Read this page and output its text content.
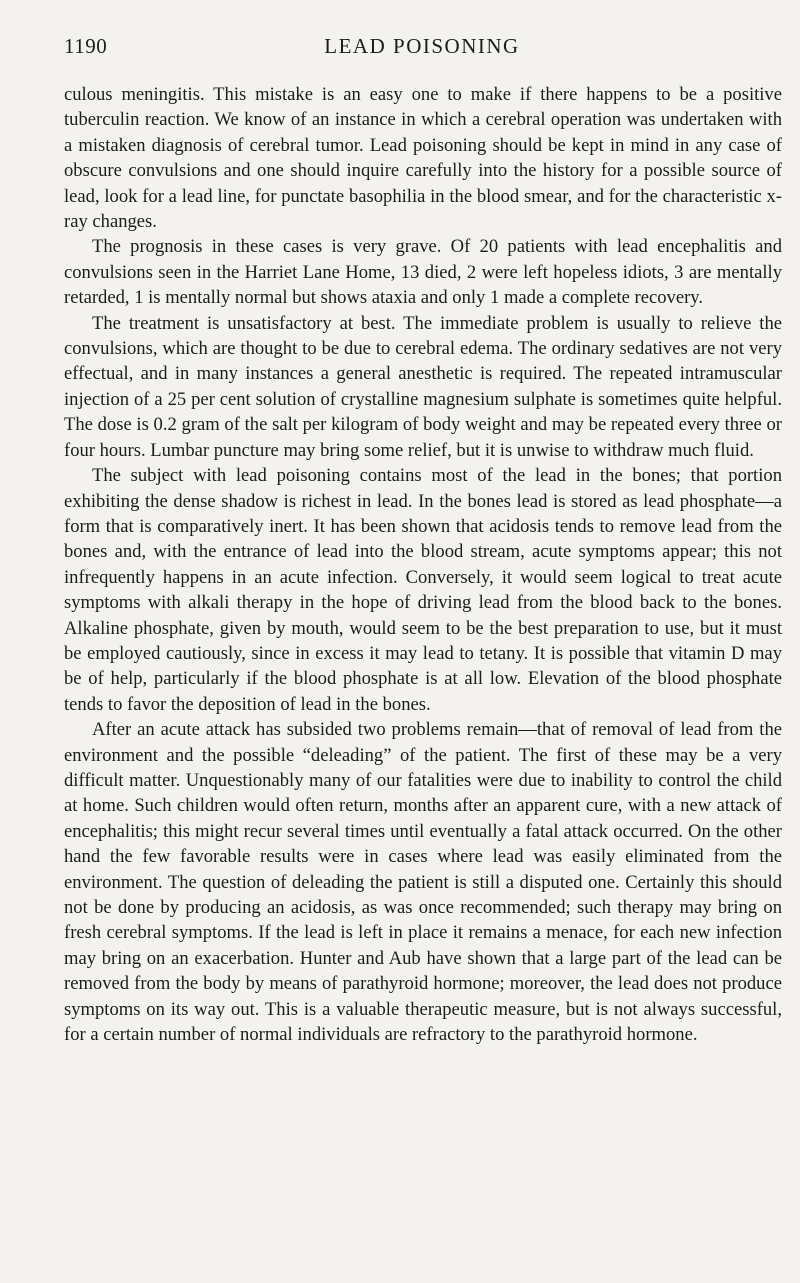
1190	LEAD POISONING

culous meningitis. This mistake is an easy one to make if there happens to be a positive tuberculin reaction. We know of an instance in which a cerebral operation was undertaken with a mistaken diagnosis of cerebral tumor. Lead poisoning should be kept in mind in any case of obscure convulsions and one should inquire carefully into the history for a possible source of lead, look for a lead line, for punctate basophilia in the blood smear, and for the characteristic x-ray changes.

The prognosis in these cases is very grave. Of 20 patients with lead encephalitis and convulsions seen in the Harriet Lane Home, 13 died, 2 were left hopeless idiots, 3 are mentally retarded, 1 is mentally normal but shows ataxia and only 1 made a complete recovery.

The treatment is unsatisfactory at best. The immediate problem is usually to relieve the convulsions, which are thought to be due to cerebral edema. The ordinary sedatives are not very effectual, and in many instances a general anesthetic is required. The repeated intramuscular injection of a 25 per cent solution of crystalline magnesium sulphate is sometimes quite helpful. The dose is 0.2 gram of the salt per kilogram of body weight and may be repeated every three or four hours. Lumbar puncture may bring some relief, but it is unwise to withdraw much fluid.

The subject with lead poisoning contains most of the lead in the bones; that portion exhibiting the dense shadow is richest in lead. In the bones lead is stored as lead phosphate—a form that is comparatively inert. It has been shown that acidosis tends to remove lead from the bones and, with the entrance of lead into the blood stream, acute symptoms appear; this not infrequently happens in an acute infection. Conversely, it would seem logical to treat acute symptoms with alkali therapy in the hope of driving lead from the blood back to the bones. Alkaline phosphate, given by mouth, would seem to be the best preparation to use, but it must be employed cautiously, since in excess it may lead to tetany. It is possible that vitamin D may be of help, particularly if the blood phosphate is at all low. Elevation of the blood phosphate tends to favor the deposition of lead in the bones.

After an acute attack has subsided two problems remain—that of removal of lead from the environment and the possible “deleading” of the patient. The first of these may be a very difficult matter. Unquestionably many of our fatalities were due to inability to control the child at home. Such children would often return, months after an apparent cure, with a new attack of encephalitis; this might recur several times until eventually a fatal attack occurred. On the other hand the few favorable results were in cases where lead was easily eliminated from the environment. The question of deleading the patient is still a disputed one. Certainly this should not be done by producing an acidosis, as was once recommended; such therapy may bring on fresh cerebral symptoms. If the lead is left in place it remains a menace, for each new infection may bring on an exacerbation. Hunter and Aub have shown that a large part of the lead can be removed from the body by means of parathyroid hormone; moreover, the lead does not produce symptoms on its way out. This is a valuable therapeutic measure, but is not always successful, for a certain number of normal individuals are refractory to the parathyroid hormone.
